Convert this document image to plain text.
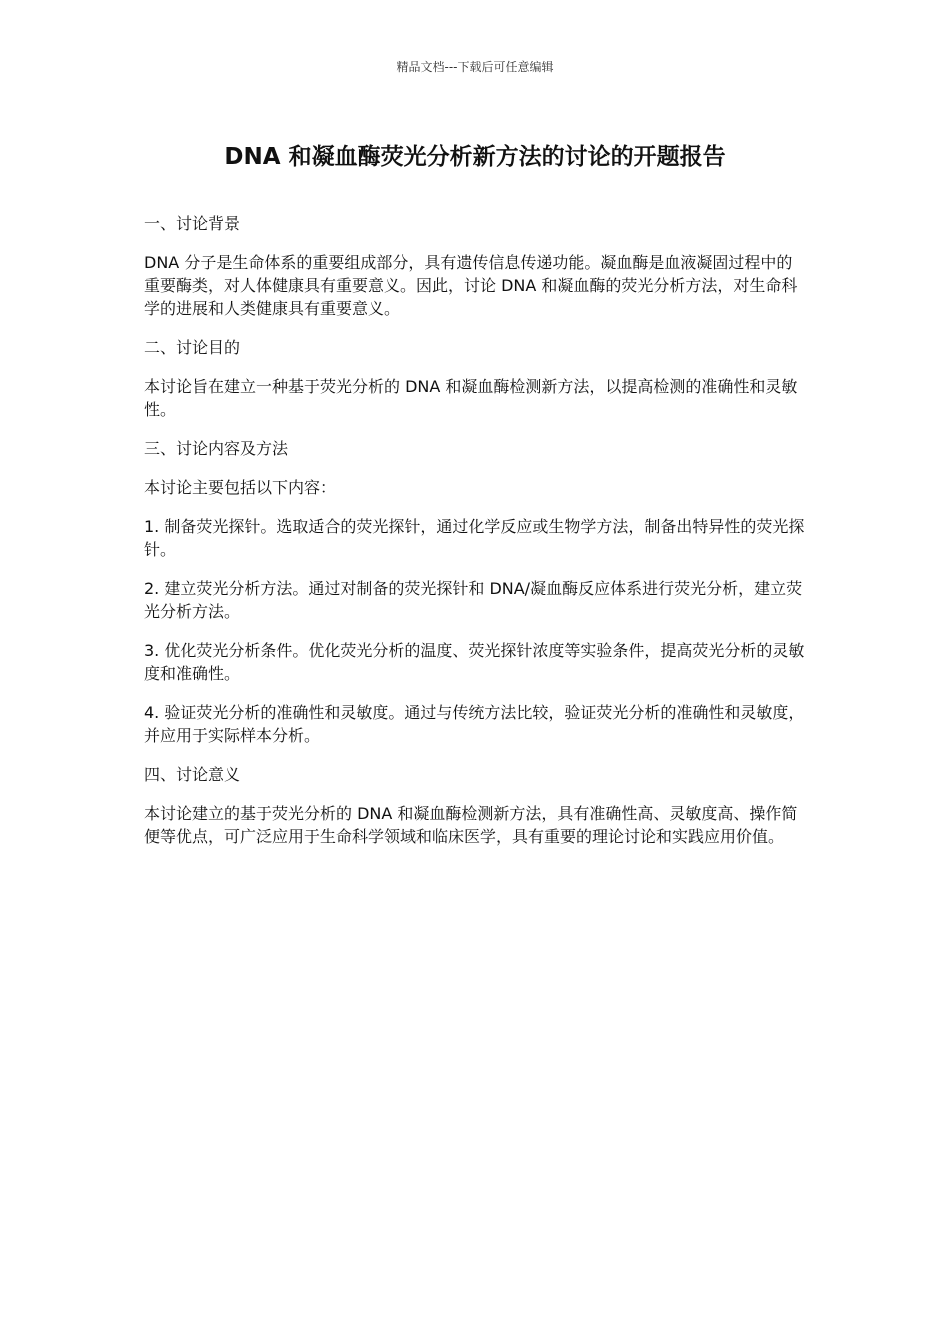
精品文档---下载后可任意编辑
DNA 和凝血酶荧光分析新方法的讨论的开题报告

一、讨论背景

DNA 分子是生命体系的重要组成部分，具有遗传信息传递功能。凝血酶是血液凝固过程中的重要酶类，对人体健康具有重要意义。因此，讨论 DNA 和凝血酶的荧光分析方法，对生命科学的进展和人类健康具有重要意义。

二、讨论目的

本讨论旨在建立一种基于荧光分析的 DNA 和凝血酶检测新方法，以提高检测的准确性和灵敏性。

三、讨论内容及方法

本讨论主要包括以下内容：

1. 制备荧光探针。选取适合的荧光探针，通过化学反应或生物学方法，制备出特异性的荧光探针。

2. 建立荧光分析方法。通过对制备的荧光探针和 DNA/凝血酶反应体系进行荧光分析，建立荧光分析方法。

3. 优化荧光分析条件。优化荧光分析的温度、荧光探针浓度等实验条件，提高荧光分析的灵敏度和准确性。

4. 验证荧光分析的准确性和灵敏度。通过与传统方法比较，验证荧光分析的准确性和灵敏度，并应用于实际样本分析。

四、讨论意义

本讨论建立的基于荧光分析的 DNA 和凝血酶检测新方法，具有准确性高、灵敏度高、操作简便等优点，可广泛应用于生命科学领域和临床医学，具有重要的理论讨论和实践应用价值。
